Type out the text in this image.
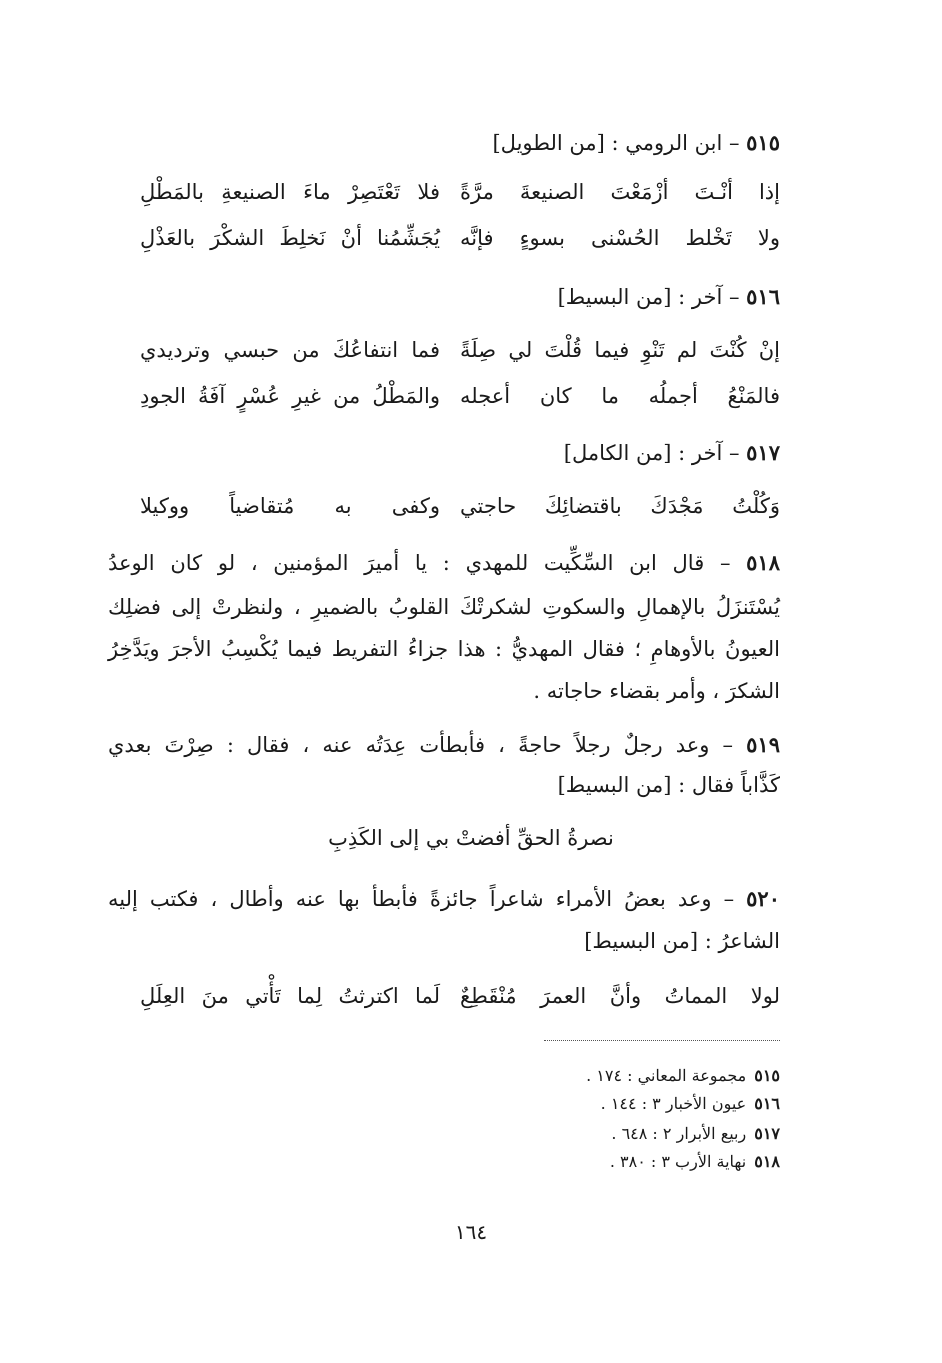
٥١٥ – ابن الرومي : [من الطويل]
إذا أنْـتَ أزْمَعْتَ الصنيعةَ مرَّةً
فلا تَعْتَصِرْ ماءَ الصنيعةِ بالمَطْلِ
ولا تَخْلط الحُسْنى بسوءٍ فإنَّه
يُجَشِّمُنا أنْ نَخلِطَ الشكْرَ بالعَذْلِ
٥١٦ – آخر : [من البسيط]
إنْ كُنْتَ لم تَنْوِ فيما قُلْتَ لي صِلَةً
فما انتفاعُكَ من حبسي وترديدي
فالمَنْعُ أجملُه ما كان أعجله
والمَطْلُ من غيرِ عُسْرٍ آفَةُ الجودِ
٥١٧ – آخر : [من الكامل]
وَكُلْتُ مَجْدَكَ باقتضائِكَ حاجتي
وكفى به مُتقاضياً ووكيلا
٥١٨ – قال ابن السِّكِّيت للمهدي : يا أميرَ المؤمنين ، لو كان الوعدُ
يُسْتَنزَلُ بالإهمالِ والسكوتِ لشكرتْكَ القلوبُ بالضميرِ ، ولنظرتْ إلى فضلِك
العيونُ بالأوهامِ ؛ فقال المهديُّ : هذا جزاءُ التفريط فيما يُكْسِبُ الأجرَ ويَدَّخِرُ
الشكرَ ، وأمر بقضاء حاجاته .
٥١٩ – وعد رجلٌ رجلاً حاجةً ، فأبطأت عِدَتُه عنه ، فقال : صِرْتَ بعدي
كَذَّاباً فقال : [من البسيط]
نصرةُ الحقِّ أفضتْ بي إلى الكَذِبِ
٥٢٠ – وعد بعضُ الأمراء شاعراً جائزةً فأبطأ بها عنه وأطال ، فكتب إليه
الشاعرُ : [من البسيط]
لولا المماتُ وأنَّ العمرَ مُنْقَطِعٌ
لَما اكترثتُ لِما تَأْتي منَ العِلَلِ
٥١٥مجموعة المعاني : ١٧٤ .
٥١٦عيون الأخبار ٣ : ١٤٤ .
٥١٧ربيع الأبرار ٢ : ٦٤٨ .
٥١٨نهاية الأرب ٣ : ٣٨٠ .
١٦٤
